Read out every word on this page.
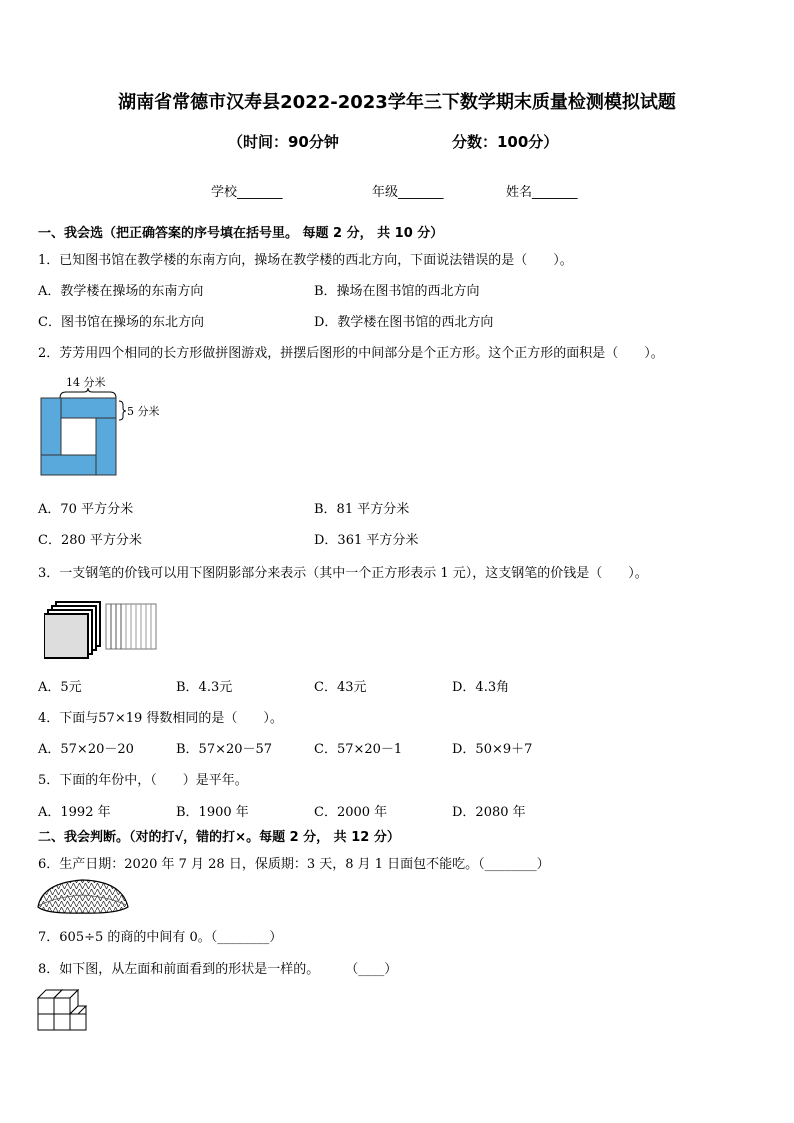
湖南省常德市汉寿县2022-2023学年三下数学期末质量检测模拟试题
（时间：90分钟	分数：100分）
学校_______	年级_______	姓名_______
一、我会选（把正确答案的序号填在括号里。 每题 2 分， 共 10 分）
1．已知图书馆在教学楼的东南方向，操场在教学楼的西北方向，下面说法错误的是（　　）。
A．教学楼在操场的东南方向	B．操场在图书馆的西北方向
C．图书馆在操场的东北方向	D．教学楼在图书馆的西北方向
2．芳芳用四个相同的长方形做拼图游戏，拼摆后图形的中间部分是个正方形。这个正方形的面积是（　　）。
14 分米
5 分米
A．70 平方分米	B．81 平方分米
C．280 平方分米	D．361 平方分米
3．一支钢笔的价钱可以用下图阴影部分来表示（其中一个正方形表示 1 元），这支钢笔的价钱是（　　）。
A．5元	B．4.3元	C．43元	D．4.3角
4．下面与57×19 得数相同的是（　　）。
A．57×20－20	B．57×20－57	C．57×20－1	D．50×9＋7
5．下面的年份中，（　　）是平年。
A．1992 年	B．1900 年	C．2000 年	D．2080 年
二、我会判断。（对的打√，错的打×。每题 2 分， 共 12 分）
6．生产日期：2020 年 7 月 28 日，保质期：3 天，8 月 1 日面包不能吃。（________）
7．605÷5 的商的中间有 0。（________）
8．如下图，从左面和前面看到的形状是一样的。　　　（____）
